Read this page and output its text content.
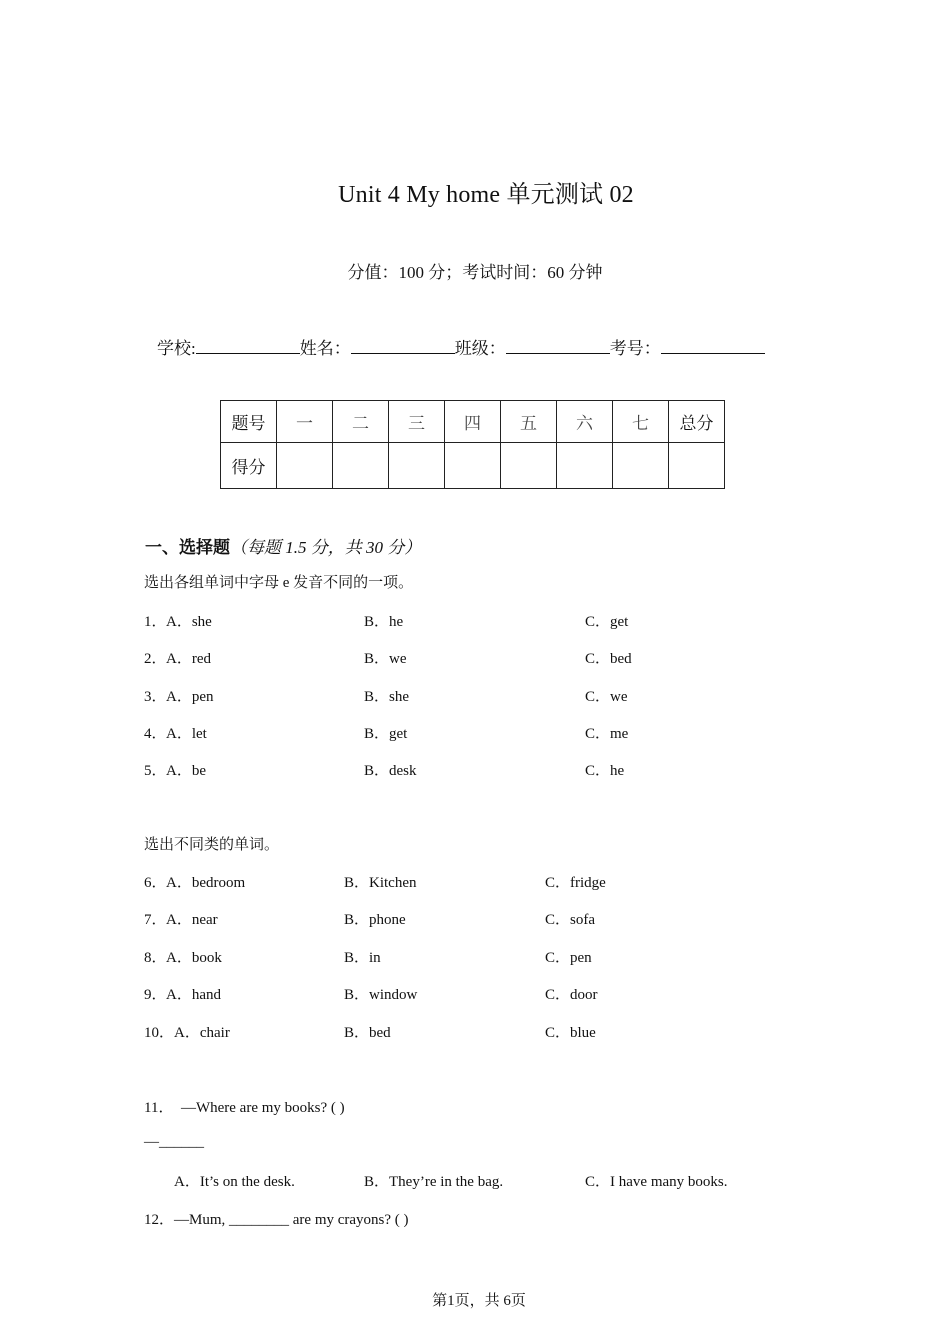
Unit 4 My home 单元测试 02
分值：100 分；考试时间：60 分钟
学校:	姓名：	班级：	考号：
题号	一	二	三	四	五	六	七	总分
得分								
一、选择题（每题 1.5 分，共 30 分）
选出各组单词中字母 e 发音不同的一项。
1． A．she	B．he	C．get
2． A．red	B．we	C．bed
3． A．pen	B．she	C．we
4． A．let	B．get	C．me
5． A．be	B．desk	C．he
选出不同类的单词。
6． A．bedroom	B．Kitchen	C．fridge
7． A．near	B．phone	C．sofa
8． A．book	B．in	C．pen
9． A．hand	B．window	C．door
10． A．chair	B．bed	C．blue
11．　—Where are my books? ( )
—______
A．It’s on the desk.	B．They’re in the bag.	C．I have many books.
12．—Mum, ________ are my crayons? ( )
第1页，共 6页
